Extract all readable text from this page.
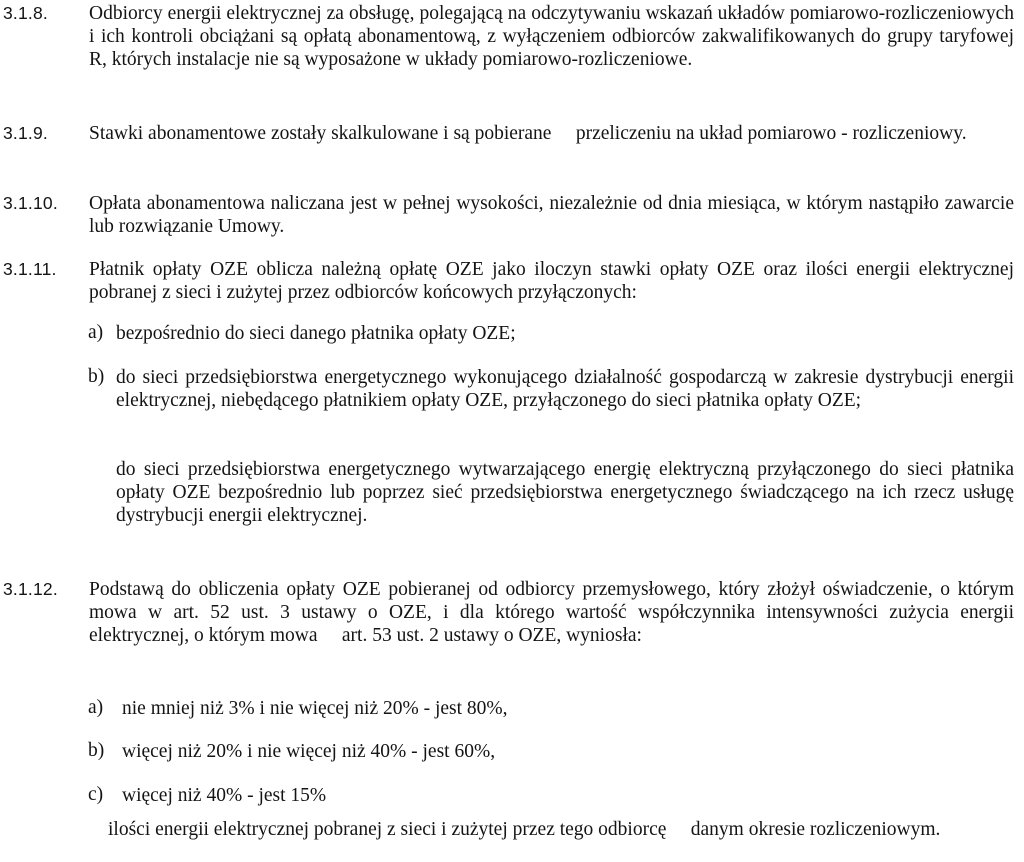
3.1.8. Odbiorcy energii elektrycznej za obsługę, polegającą na odczytywaniu wskazań układów pomiarowo-rozliczeniowych i ich kontroli obciążani są opłatą abonamentową, z wyłączeniem odbiorców zakwalifikowanych do grupy taryfowej R, których instalacje nie są wyposażone w układy pomiarowo-rozliczeniowe.
3.1.9. Stawki abonamentowe zostały skalkulowane i są pobierane     przeliczeniu na układ pomiarowo - rozliczeniowy.
3.1.10. Opłata abonamentowa naliczana jest w pełnej wysokości, niezależnie od dnia miesiąca, w którym nastąpiło zawarcie lub rozwiązanie Umowy.
3.1.11. Płatnik opłaty OZE oblicza należną opłatę OZE jako iloczyn stawki opłaty OZE oraz ilości energii elektrycznej pobranej z sieci i zużytej przez odbiorców końcowych przyłączonych:
a) bezpośrednio do sieci danego płatnika opłaty OZE;
b) do sieci przedsiębiorstwa energetycznego wykonującego działalność gospodarczą w zakresie dystrybucji energii elektrycznej, niebędącego płatnikiem opłaty OZE, przyłączonego do sieci płatnika opłaty OZE;
do sieci przedsiębiorstwa energetycznego wytwarzającego energię elektryczną przyłączonego do sieci płatnika opłaty OZE bezpośrednio lub poprzez sieć przedsiębiorstwa energetycznego świadczącego na ich rzecz usługę dystrybucji energii elektrycznej.
3.1.12. Podstawą do obliczenia opłaty OZE pobieranej od odbiorcy przemysłowego, który złożył oświadczenie, o którym mowa w art. 52 ust. 3 ustawy o OZE, i dla którego wartość współczynnika intensywności zużycia energii elektrycznej, o którym mowa     art. 53 ust. 2 ustawy o OZE, wyniosła:
a) nie mniej niż 3% i nie więcej niż 20% - jest 80%,
b) więcej niż 20% i nie więcej niż 40% - jest 60%,
c) więcej niż 40% - jest 15%
ilości energii elektrycznej pobranej z sieci i zużytej przez tego odbiorcę     danym okresie rozliczeniowym.
